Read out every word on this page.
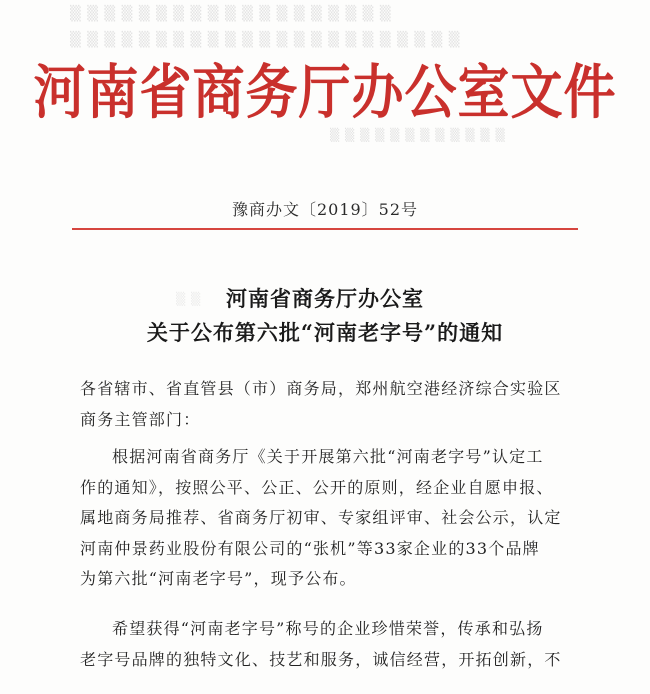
▒ ▒ ▒ ▒ ▒ ▒ ▒ ▒ ▒ ▒ ▒ ▒ ▒ ▒ ▒ ▒ ▒ ▒ ▒
▒ ▒ ▒ ▒ ▒ ▒ ▒ ▒ ▒ ▒ ▒ ▒ ▒ ▒ ▒ ▒ ▒ ▒ ▒ ▒ ▒ ▒ ▒
▒ ▒ ▒ ▒ ▒ ▒ ▒ ▒ ▒ ▒ ▒ ▒
▒ ▒
河南省商务厅办公室文件
豫商办文〔2019〕52号
河南省商务厅办公室
关于公布第六批“河南老字号”的通知
各省辖市、省直管县（市）商务局，郑州航空港经济综合实验区
商务主管部门：
根据河南省商务厅《关于开展第六批“河南老字号”认定工
作的通知》，按照公平、公正、公开的原则，经企业自愿申报、
属地商务局推荐、省商务厅初审、专家组评审、社会公示，认定
河南仲景药业股份有限公司的“张机”等33家企业的33个品牌
为第六批“河南老字号”，现予公布。
希望获得“河南老字号”称号的企业珍惜荣誉，传承和弘扬
老字号品牌的独特文化、技艺和服务，诚信经营，开拓创新，不
